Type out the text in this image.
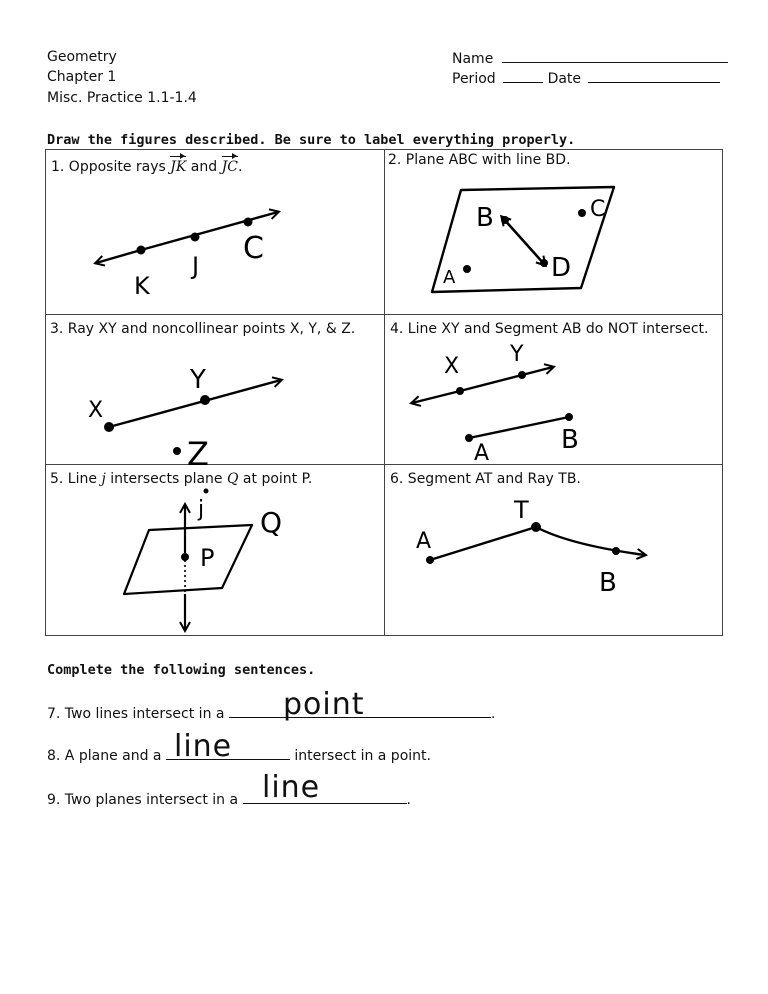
Geometry
Chapter 1
Misc. Practice 1.1-1.4
Name
Period	Date
Draw the figures described. Be sure to label everything properly.
1. Opposite rays JK and JC.	2. Plane ABC with line BD.
3. Ray XY and noncollinear points X, Y, & Z. 4. Line XY and Segment AB do NOT intersect.
5. Line j intersects plane Q at point P.	6. Segment AT and Ray TB.
K
J C
B	C
A	D
Y
X
Z
X Y
A	B
j Q
P
A
T
B
Complete the following sentences.
7. Two lines intersect in a	.
point
8. A plane and a	intersect in a point.
line
9. Two planes intersect in a	.
line
